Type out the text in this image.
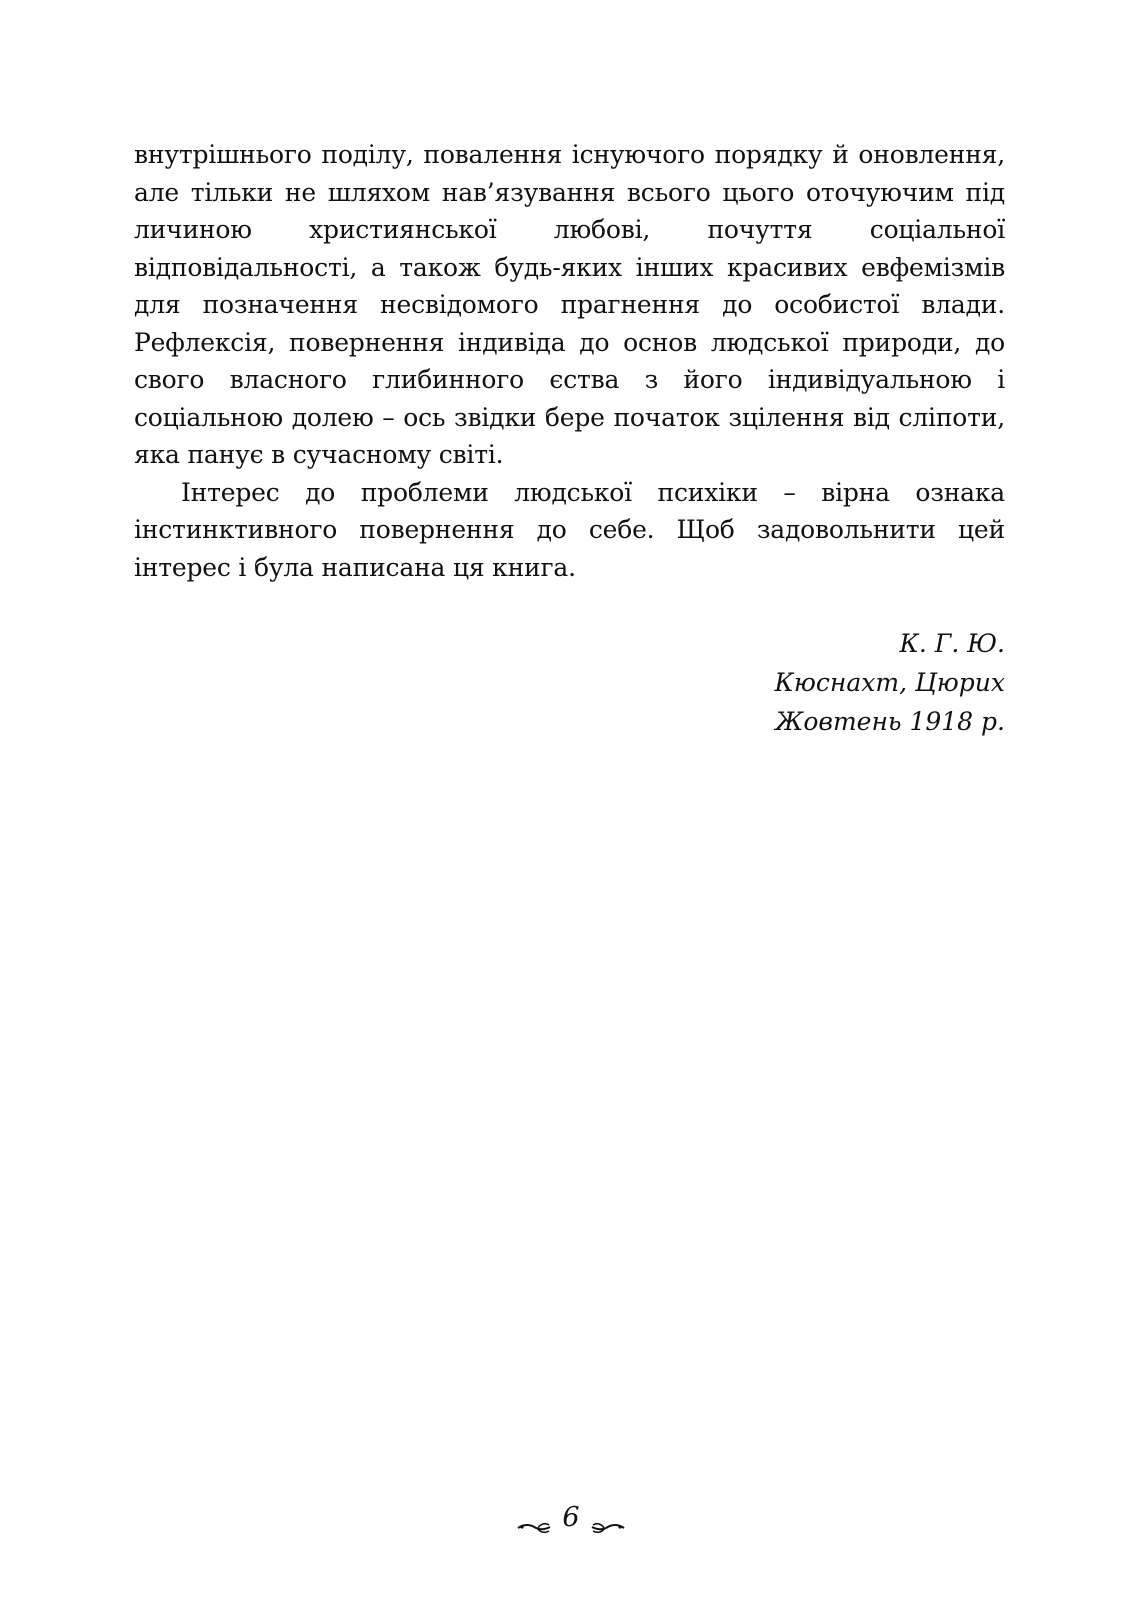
внутрішнього поділу, повалення існуючого порядку й оновлення, але тільки не шляхом нав’язування всього цього оточуючим під личиною християнської любові, почуття соціальної відповідальності, а також будь-яких інших красивих евфемізмів для позначення несвідомого прагнення до особистої влади. Рефлексія, повернення індивіда до основ людської природи, до свого власного глибинного єства з його індивідуальною і соціальною долею – ось звідки бере початок зцілення від сліпоти, яка панує в сучасному світі.

Інтерес до проблеми людської психіки – вірна ознака інстинктивного повернення до себе. Щоб задовольнити цей інтерес і була написана ця книга.

К. Г. Ю.
Кюснахт, Цюрих
Жовтень 1918 р.
6
